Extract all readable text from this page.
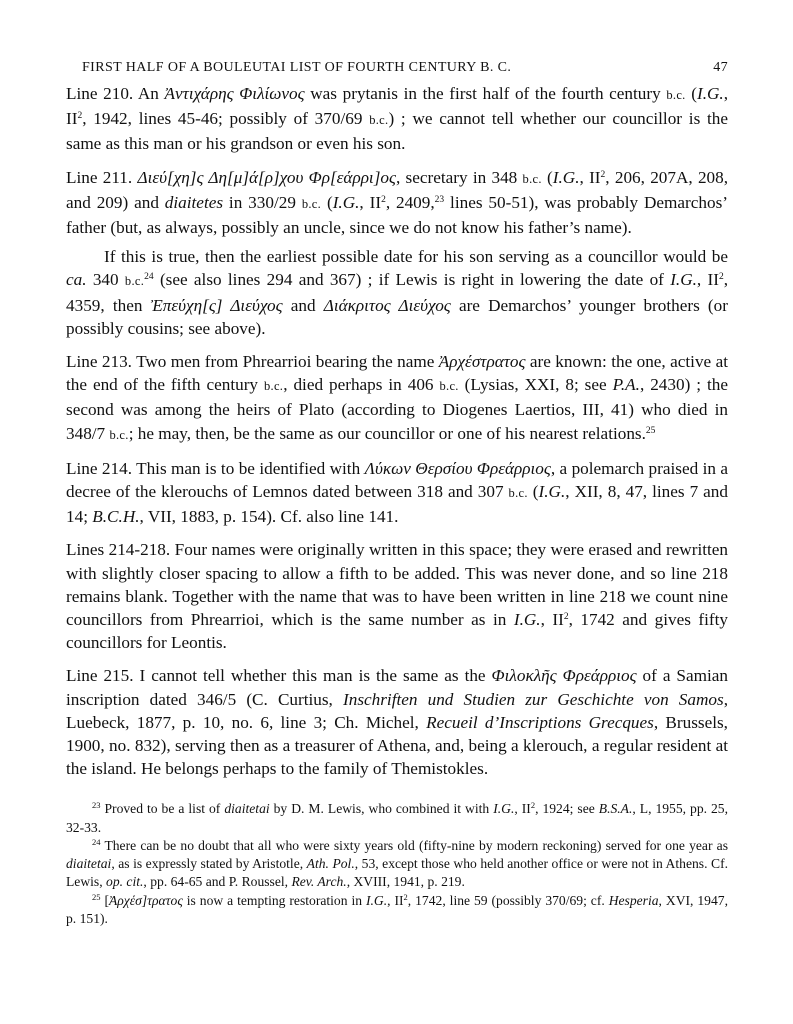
FIRST HALF OF A BOULEUTAI LIST OF FOURTH CENTURY B. C.	47

Line 210. An Ἀντιχάρης Φιλίωνος was prytanis in the first half of the fourth century b.c. (I.G., $II^2$, 1942, lines 45-46; possibly of 370/69 b.c.) ; we cannot tell whether our councillor is the same as this man or his grandson or even his son.

Line 211. Διεύ[χη]ς Δη[μ]ά[ρ]χου Φρ[εάρρι]ος, secretary in 348 b.c. (I.G., $II^2$, 206, 207A, 208, and 209) and diaitetes in 330/29 b.c. (I.G., $II^2$, 2409,23 lines 50-51), was probably Demarchos’ father (but, as always, possibly an uncle, since we do not know his father’s name).

If this is true, then the earliest possible date for his son serving as a councillor would be ca. 340 b.c.$^{24}$ (see also lines 294 and 367) ; if Lewis is right in lowering the date of I.G., $II^2$, 4359, then Ἐπεύχη[ς] Διεύχος and Διάκριτος Διεύχος are Demarchos’ younger brothers (or possibly cousins; see above).

Line 213. Two men from Phrearrioi bearing the name Ἀρχέστρατος are known: the one, active at the end of the fifth century b.c., died perhaps in 406 b.c. (Lysias, XXI, 8; see P.A., 2430) ; the second was among the heirs of Plato (according to Diogenes Laertios, III, 41) who died in 348/7 b.c.; he may, then, be the same as our councillor or one of his nearest relations.$^{25}$

Line 214. This man is to be identified with Λύκων Θερσίου Φρεάρριος, a polemarch praised in a decree of the klerouchs of Lemnos dated between 318 and 307 b.c. (I.G., XII, 8, 47, lines 7 and 14; B.C.H., VII, 1883, p. 154). Cf. also line 141.

Lines 214-218. Four names were originally written in this space; they were erased and rewritten with slightly closer spacing to allow a fifth to be added. This was never done, and so line 218 remains blank. Together with the name that was to have been written in line 218 we count nine councillors from Phrearrioi, which is the same number as in I.G., $II^2$, 1742 and gives fifty councillors for Leontis.

Line 215. I cannot tell whether this man is the same as the Φιλοκλῆς Φρεάρριος of a Samian inscription dated 346/5 (C. Curtius, Inschriften und Studien zur Geschichte von Samos, Luebeck, 1877, p. 10, no. 6, line 3; Ch. Michel, Recueil d’Inscriptions Grecques, Brussels, 1900, no. 832), serving then as a treasurer of Athena, and, being a klerouch, a regular resident at the island. He belongs perhaps to the family of Themistokles.

$^{23}$ Proved to be a list of diaitetai by D. M. Lewis, who combined it with I.G., $II^2$, 1924; see B.S.A., L, 1955, pp. 25, 32-33.

$^{24}$ There can be no doubt that all who were sixty years old (fifty-nine by modern reckoning) served for one year as diaitetai, as is expressly stated by Aristotle, Ath. Pol., 53, except those who held another office or were not in Athens. Cf. Lewis, op. cit., pp. 64-65 and P. Roussel, Rev. Arch., XVIII, 1941, p. 219.

$^{25}$ [Ἀρχέσ]τρατος is now a tempting restoration in I.G., $II^2$, 1742, line 59 (possibly 370/69; cf. Hesperia, XVI, 1947, p. 151).
